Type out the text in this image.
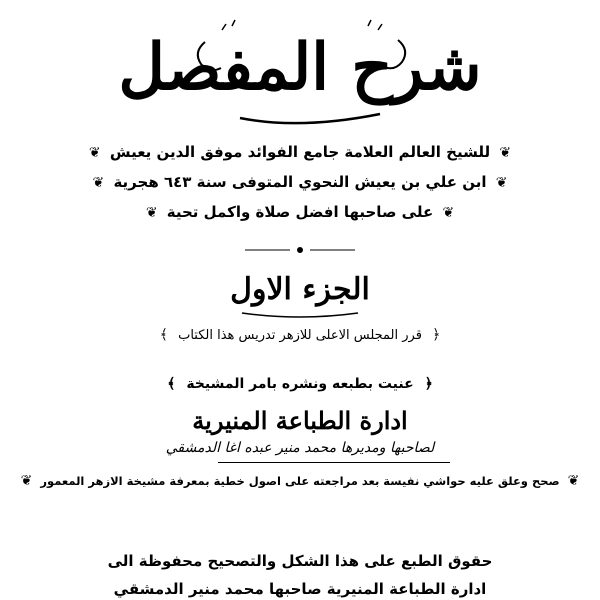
شرح المفصل
❦ للشيخ العالم العلامة جامع الفوائد موفق الدين يعيش ❦
❦ ابن علي بن يعيش النحوي المتوفى سنة ٦٤٣ هجرية ❦
❦ على صاحبها افضل صلاة واكمل تحية ❦
الجزء الاول
﴿ قرر المجلس الاعلى للازهر تدريس هذا الكتاب ﴾
﴿ عنيت بطبعه ونشره بامر المشيخة ﴾
ادارة الطباعة المنيرية
لصاحبها ومديرها محمد منير عبده اغا الدمشقي
❦ صحح وعلق عليه حواشي نفيسة بعد مراجعته على اصول خطية بمعرفة مشيخة الازهر المعمور ❦
حقوق الطبع على هذا الشكل والتصحيح محفوظة الى
ادارة الطباعة المنيرية صاحبها محمد منير الدمشقي
